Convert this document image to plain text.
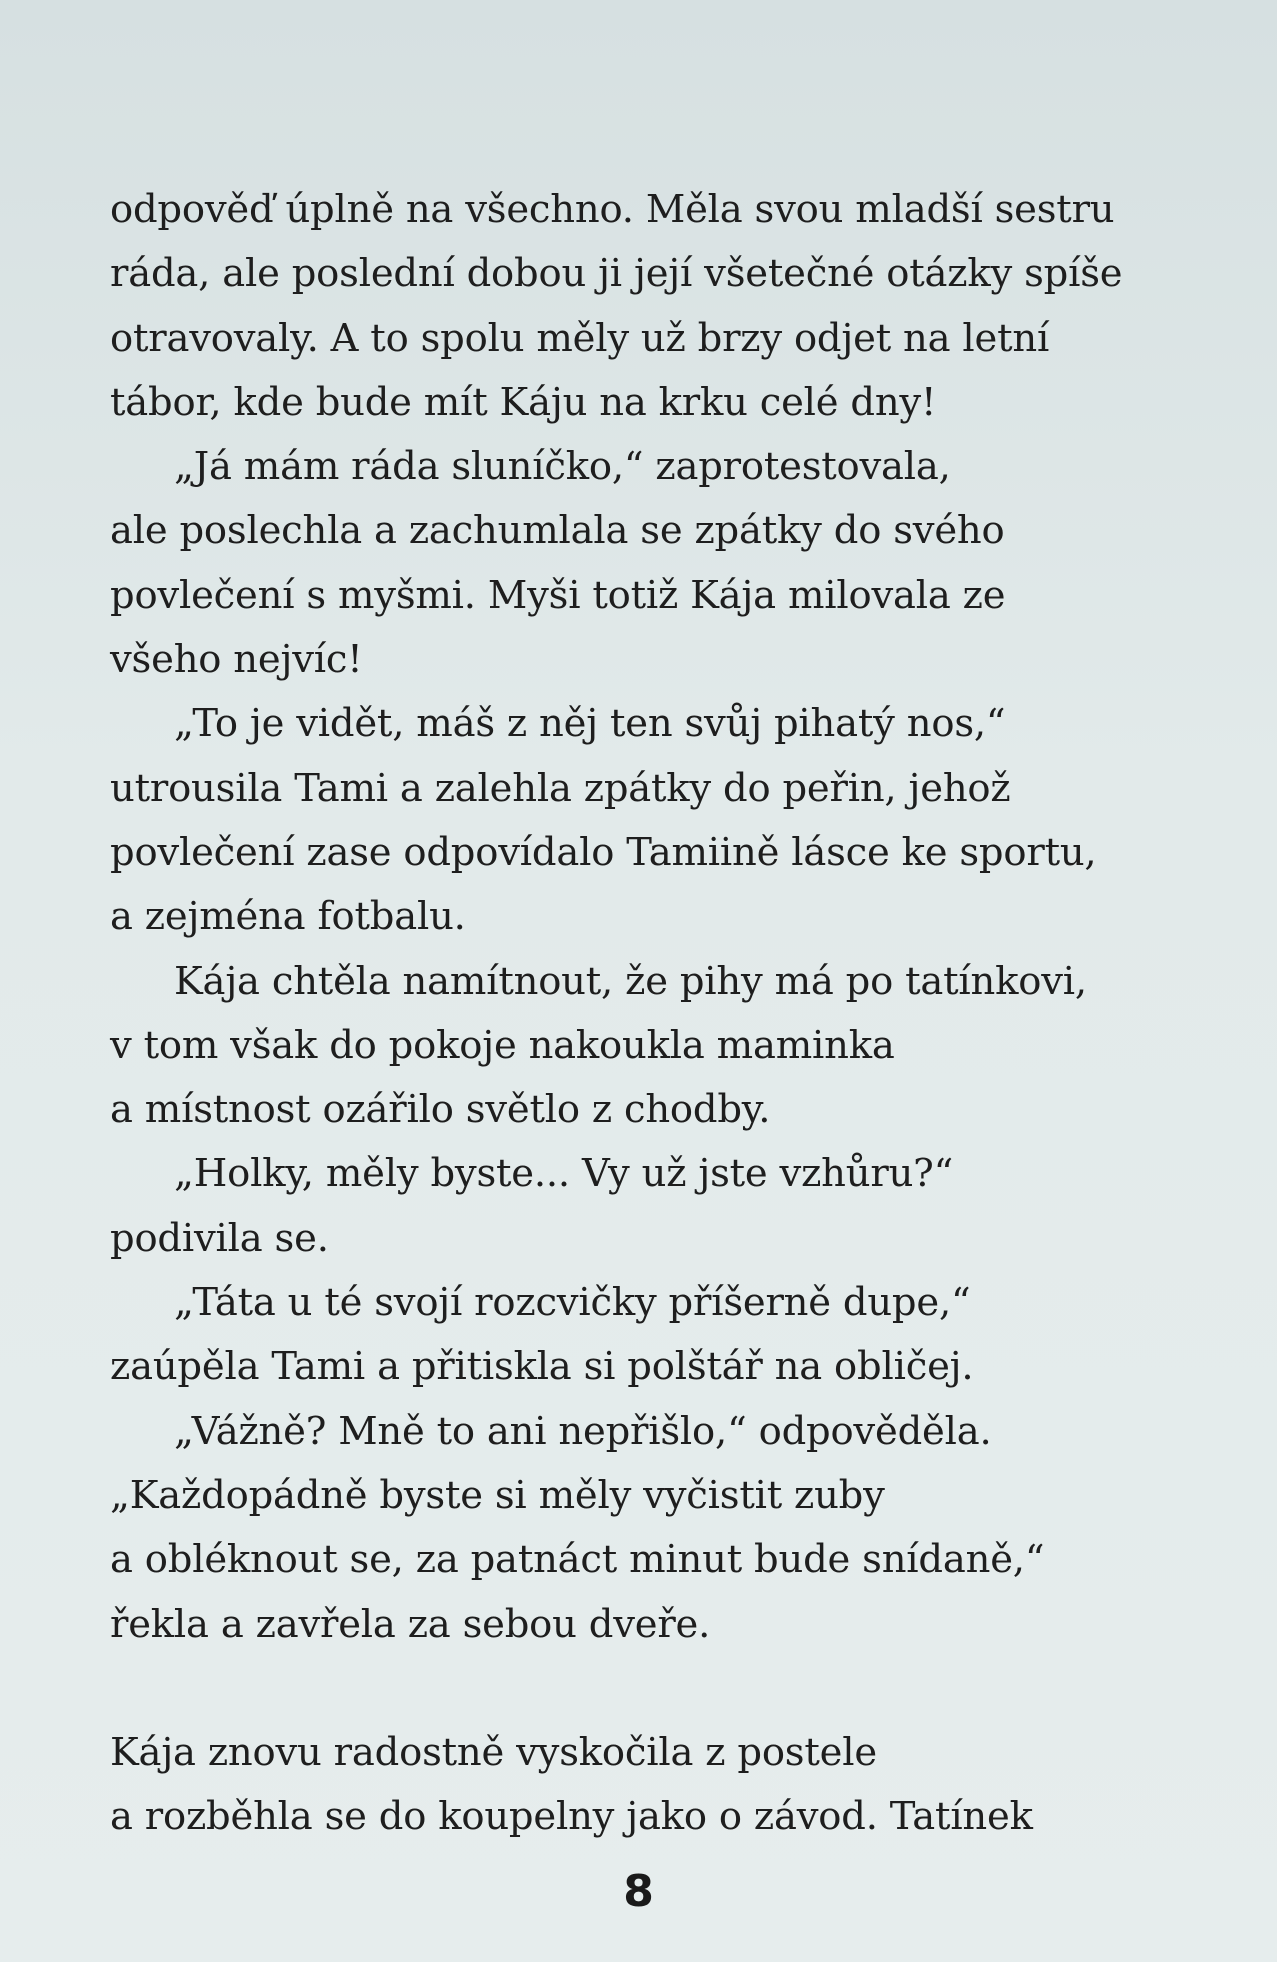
odpověď úplně na všechno. Měla svou mladší sestru
ráda, ale poslední dobou ji její všetečné otázky spíše
otravovaly. A to spolu měly už brzy odjet na letní
tábor, kde bude mít Káju na krku celé dny!
„Já mám ráda sluníčko,“ zaprotestovala,
ale poslechla a zachumlala se zpátky do svého
povlečení s myšmi. Myši totiž Kája milovala ze
všeho nejvíc!
„To je vidět, máš z něj ten svůj pihatý nos,“
utrousila Tami a zalehla zpátky do peřin, jehož
povlečení zase odpovídalo Tamiině lásce ke sportu,
a zejména fotbalu.
Kája chtěla namítnout, že pihy má po tatínkovi,
v tom však do pokoje nakoukla maminka
a místnost ozářilo světlo z chodby.
„Holky, měly byste... Vy už jste vzhůru?“
podivila se.
„Táta u té svojí rozcvičky příšerně dupe,“
zaúpěla Tami a přitiskla si polštář na obličej.
„Vážně? Mně to ani nepřišlo,“ odpověděla.
„Každopádně byste si měly vyčistit zuby
a obléknout se, za patnáct minut bude snídaně,“
řekla a zavřela za sebou dveře.
Kája znovu radostně vyskočila z postele
a rozběhla se do koupelny jako o závod. Tatínek
8
